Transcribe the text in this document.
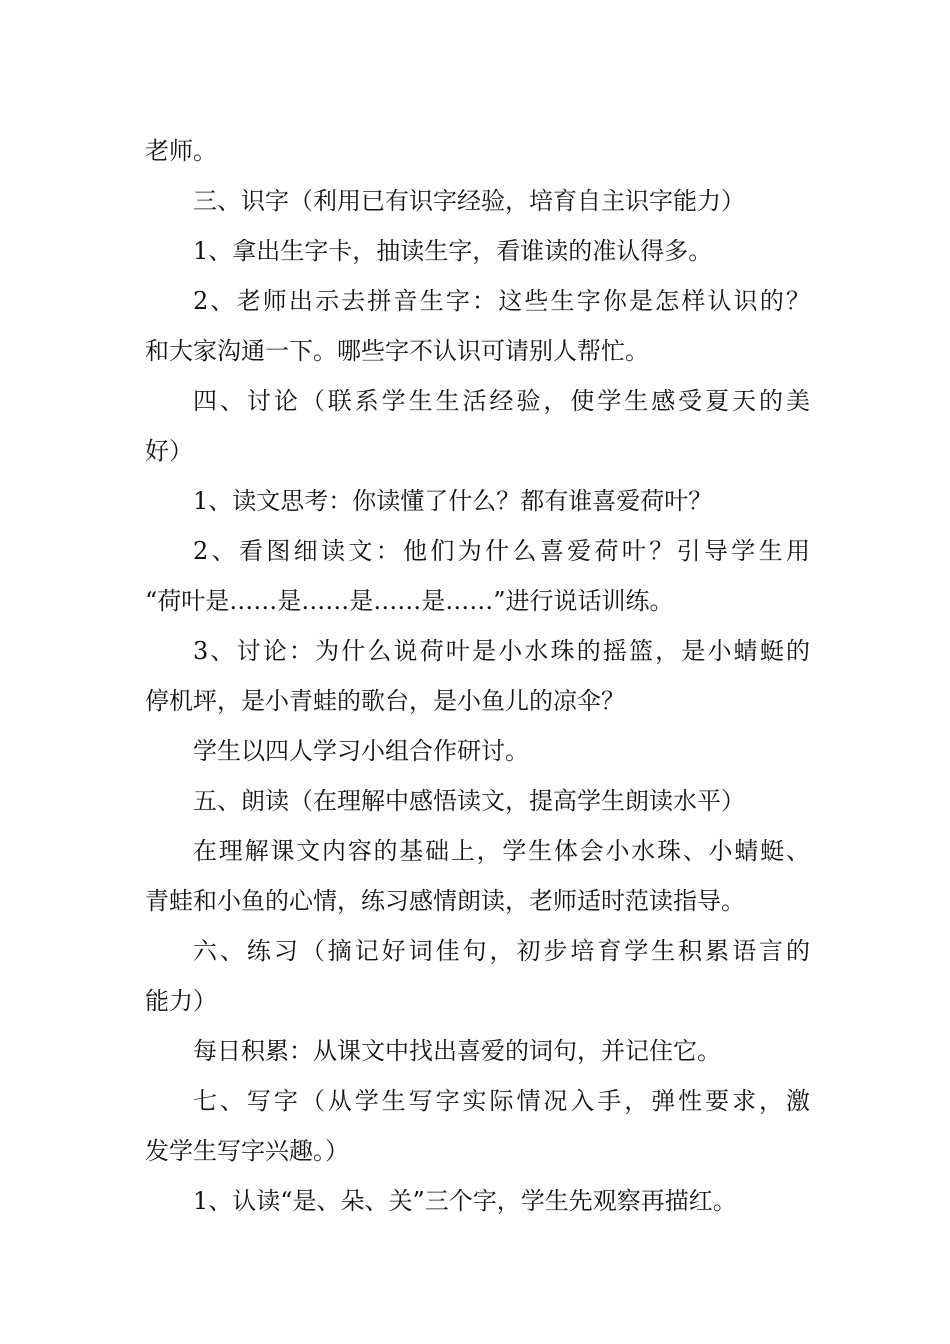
老师。
三、识字（利用已有识字经验，培育自主识字能力）
1、拿出生字卡，抽读生字，看谁读的准认得多。
2、老师出示去拼音生字：这些生字你是怎样认识的？
和大家沟通一下。哪些字不认识可请别人帮忙。
四、讨论（联系学生生活经验，使学生感受夏天的美
好）
1、读文思考：你读懂了什么？都有谁喜爱荷叶？
2、看图细读文：他们为什么喜爱荷叶？引导学生用
“荷叶是……是……是……是……”进行说话训练。
3、讨论：为什么说荷叶是小水珠的摇篮，是小蜻蜓的
停机坪，是小青蛙的歌台，是小鱼儿的凉伞？
学生以四人学习小组合作研讨。
五、朗读（在理解中感悟读文，提高学生朗读水平）
在理解课文内容的基础上，学生体会小水珠、小蜻蜓、
青蛙和小鱼的心情，练习感情朗读，老师适时范读指导。
六、练习（摘记好词佳句，初步培育学生积累语言的
能力）
每日积累：从课文中找出喜爱的词句，并记住它。
七、写字（从学生写字实际情况入手，弹性要求，激
发学生写字兴趣。）
1、认读“是、朵、关”三个字，学生先观察再描红。
